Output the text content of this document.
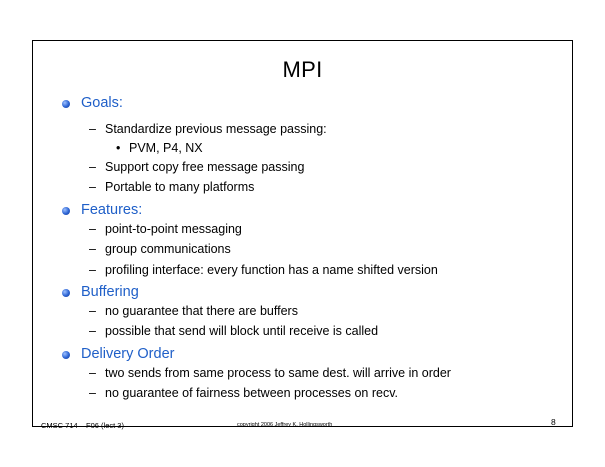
MPI
Goals:
– Standardize previous message passing:
• PVM, P4, NX
– Support copy free message passing
– Portable to many platforms
Features:
– point-to-point messaging
– group communications
– profiling interface: every function has a name shifted version
Buffering
– no guarantee that there are buffers
– possible that send will block until receive is called
Delivery Order
– two sends from same process to same dest. will arrive in order
– no guarantee of fairness between processes on recv.
CMSC 714 – F06 (lect 3)	copyright 2006 Jeffrey K. Hollingsworth	8
